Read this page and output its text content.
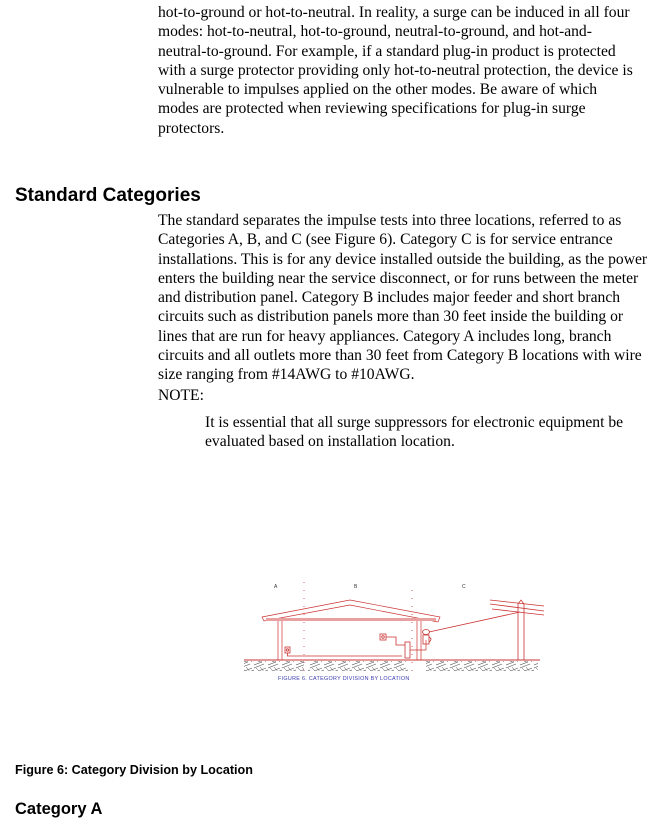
hot-to-ground or hot-to-neutral. In reality, a surge can be induced in all four modes: hot-to-neutral, hot-to-ground, neutral-to-ground, and hot-and-neutral-to-ground. For example, if a standard plug-in product is protected with a surge protector providing only hot-to-neutral protection, the device is vulnerable to impulses applied on the other modes. Be aware of which modes are protected when reviewing specifications for plug-in surge protectors.

Standard Categories

The standard separates the impulse tests into three locations, referred to as Categories A, B, and C (see Figure 6). Category C is for service entrance installations. This is for any device installed outside the building, as the power enters the building near the service disconnect, or for runs between the meter and distribution panel. Category B includes major feeder and short branch circuits such as distribution panels more than 30 feet inside the building or lines that are run for heavy appliances. Category A includes long, branch circuits and all outlets more than 30 feet from Category B locations with wire size ranging from #14AWG to #10AWG.

NOTE:

It is essential that all surge suppressors for electronic equipment be evaluated based on installation location.

A	B	C
FIGURE 6. CATEGORY DIVISION BY LOCATION

Figure 6: Category Division by Location

Category A
